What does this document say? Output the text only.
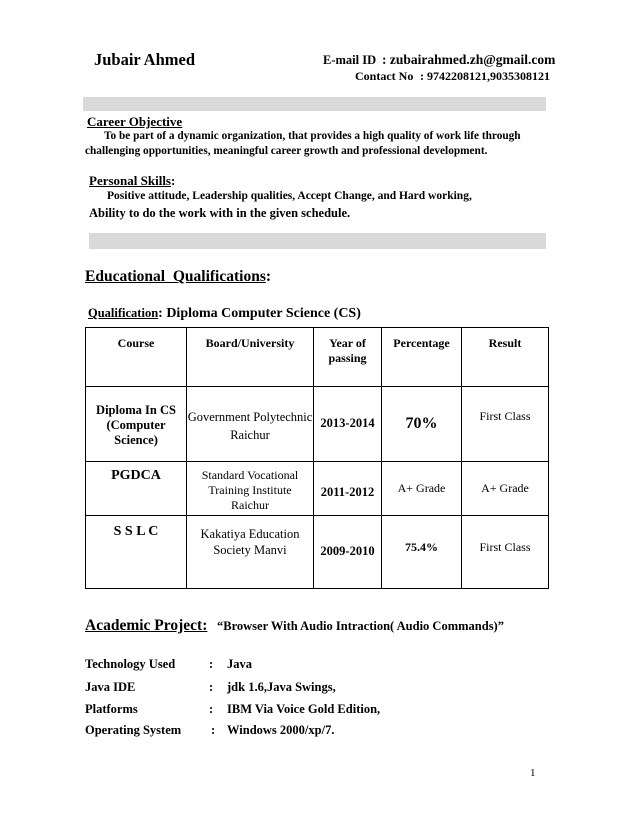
Jubair Ahmed	E-mail ID : zubairahmed.zh@gmail.com
Contact No : 9742208121,9035308121
Career Objective
To be part of a dynamic organization, that provides a high quality of work life through
challenging opportunities, meaningful career growth and professional development.
Personal Skills:
Positive attitude, Leadership qualities, Accept Change, and Hard working,
Ability to do the work with in the given schedule.
Educational  Qualifications:
Qualification: Diploma Computer Science (CS)
Course	Board/University	Year of passing	Percentage	Result
Diploma In CS (Computer Science)	Government Polytechnic
Raichur	2013-2014	70%	First Class
PGDCA	Standard Vocational
Training Institute
Raichur	2011-2012	A+ Grade	A+ Grade
S S L C	Kakatiya Education
Society Manvi	2009-2010	75.4%	First Class
Academic Project: “Browser With Audio Intraction( Audio Commands)”
Technology Used	: Java
Java IDE	: jdk 1.6,Java Swings,
Platforms	: IBM Via Voice Gold Edition,
Operating System : Windows 2000/xp/7.
1
